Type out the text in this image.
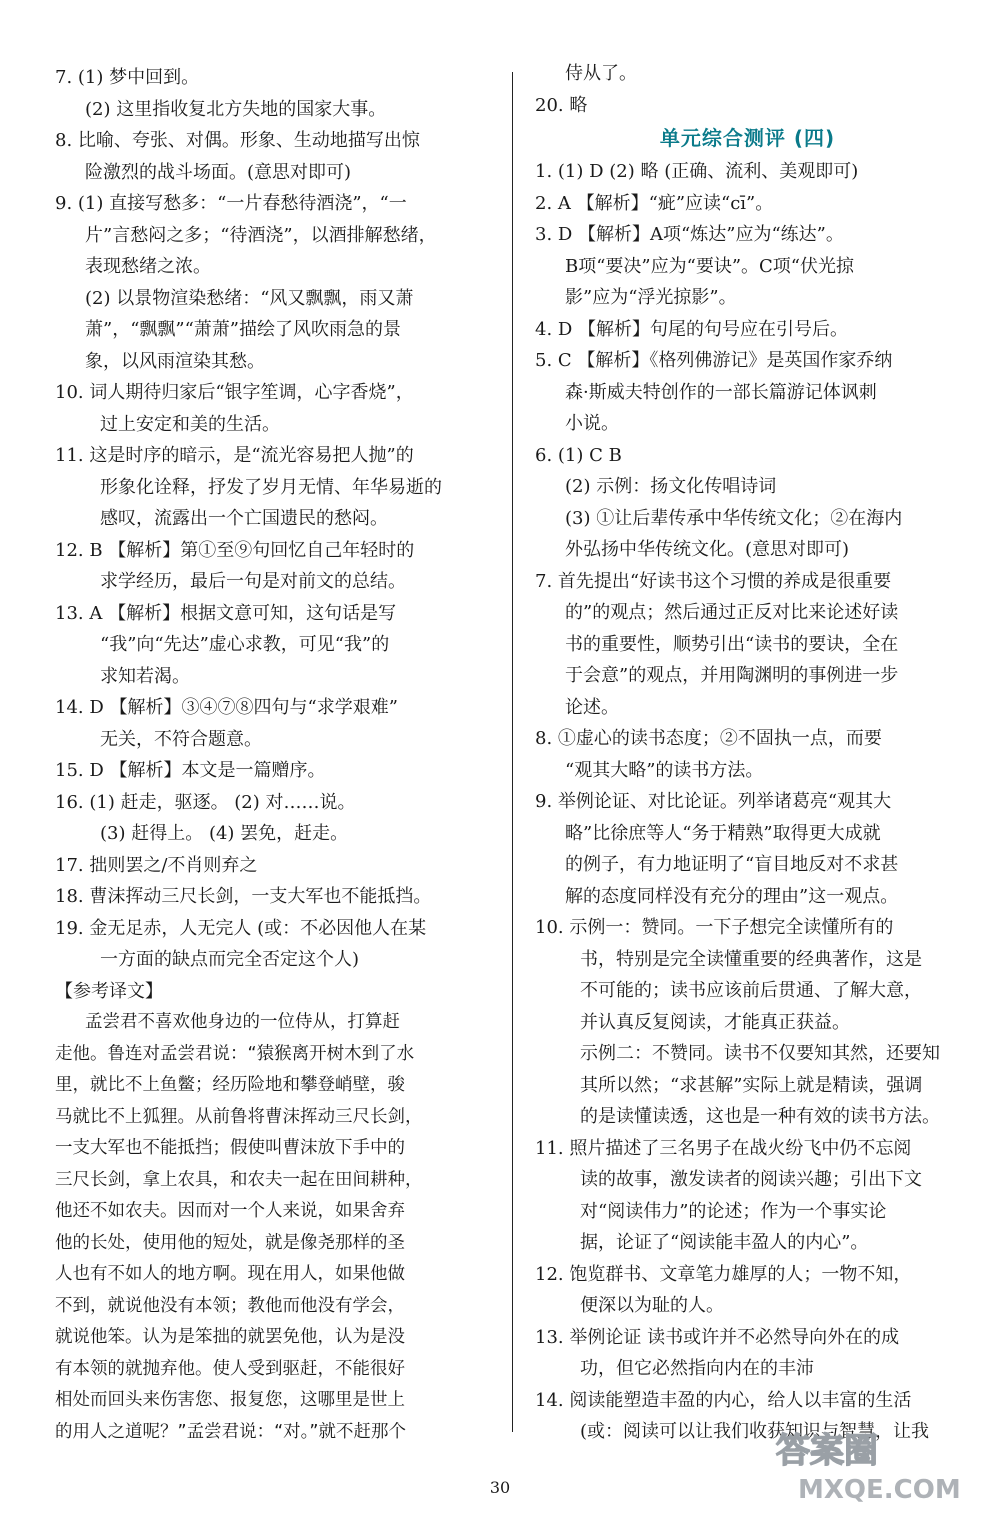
7. (1) 梦中回到。
(2) 这里指收复北方失地的国家大事。
8. 比喻、夸张、对偶。形象、生动地描写出惊
险激烈的战斗场面。(意思对即可)
9. (1) 直接写愁多：“一片春愁待酒浇”，“一
片”言愁闷之多；“待酒浇”，以酒排解愁绪，
表现愁绪之浓。
(2) 以景物渲染愁绪：“风又飘飘，雨又萧
萧”，“飘飘”“萧萧”描绘了风吹雨急的景
象，以风雨渲染其愁。
10. 词人期待归家后“银字笙调，心字香烧”，
过上安定和美的生活。
11. 这是时序的暗示，是“流光容易把人抛”的
形象化诠释，抒发了岁月无情、年华易逝的
感叹，流露出一个亡国遗民的愁闷。
12. B 【解析】第①至⑨句回忆自己年轻时的
求学经历，最后一句是对前文的总结。
13. A 【解析】根据文意可知，这句话是写
“我”向“先达”虚心求教，可见“我”的
求知若渴。
14. D 【解析】③④⑦⑧四句与“求学艰难”
无关，不符合题意。
15. D 【解析】本文是一篇赠序。
16. (1) 赶走，驱逐。 (2) 对……说。
(3) 赶得上。 (4) 罢免，赶走。
17. 拙则罢之/不肖则弃之
18. 曹沫挥动三尺长剑，一支大军也不能抵挡。
19. 金无足赤，人无完人 (或：不必因他人在某
一方面的缺点而完全否定这个人)
【参考译文】
孟尝君不喜欢他身边的一位侍从，打算赶
走他。鲁连对孟尝君说：“猿猴离开树木到了水
里，就比不上鱼鳖；经历险地和攀登峭壁，骏
马就比不上狐狸。从前鲁将曹沫挥动三尺长剑，
一支大军也不能抵挡；假使叫曹沫放下手中的
三尺长剑，拿上农具，和农夫一起在田间耕种，
他还不如农夫。因而对一个人来说，如果舍弃
他的长处，使用他的短处，就是像尧那样的圣
人也有不如人的地方啊。现在用人，如果他做
不到，就说他没有本领；教他而他没有学会，
就说他笨。认为是笨拙的就罢免他，认为是没
有本领的就抛弃他。使人受到驱赶，不能很好
相处而回头来伤害您、报复您，这哪里是世上
的用人之道呢？”孟尝君说：“对。”就不赶那个
侍从了。
20. 略
单元综合测评 (四)
1. (1) D (2) 略 (正确、流利、美观即可)
2. A 【解析】“疵”应读“cī”。
3. D 【解析】A项“炼达”应为“练达”。
B项“要决”应为“要诀”。C项“伏光掠
影”应为“浮光掠影”。
4. D 【解析】句尾的句号应在引号后。
5. C 【解析】《格列佛游记》是英国作家乔纳
森·斯威夫特创作的一部长篇游记体讽刺
小说。
6. (1) C B
(2) 示例：扬文化传唱诗词
(3) ①让后辈传承中华传统文化；②在海内
外弘扬中华传统文化。(意思对即可)
7. 首先提出“好读书这个习惯的养成是很重要
的”的观点；然后通过正反对比来论述好读
书的重要性，顺势引出“读书的要诀，全在
于会意”的观点，并用陶渊明的事例进一步
论述。
8. ①虚心的读书态度；②不固执一点，而要
“观其大略”的读书方法。
9. 举例论证、对比论证。列举诸葛亮“观其大
略”比徐庶等人“务于精熟”取得更大成就
的例子，有力地证明了“盲目地反对不求甚
解的态度同样没有充分的理由”这一观点。
10. 示例一：赞同。一下子想完全读懂所有的
书，特别是完全读懂重要的经典著作，这是
不可能的；读书应该前后贯通、了解大意，
并认真反复阅读，才能真正获益。
示例二：不赞同。读书不仅要知其然，还要知
其所以然；“求甚解”实际上就是精读，强调
的是读懂读透，这也是一种有效的读书方法。
11. 照片描述了三名男子在战火纷飞中仍不忘阅
读的故事，激发读者的阅读兴趣；引出下文
对“阅读伟力”的论述；作为一个事实论
据，论证了“阅读能丰盈人的内心”。
12. 饱览群书、文章笔力雄厚的人；一物不知，
便深以为耻的人。
13. 举例论证 读书或许并不必然导向外在的成
功，但它必然指向内在的丰沛
14. 阅读能塑造丰盈的内心，给人以丰富的生活
(或：阅读可以让我们收获知识与智慧，让我
30
答案圈
MXQE.COM
